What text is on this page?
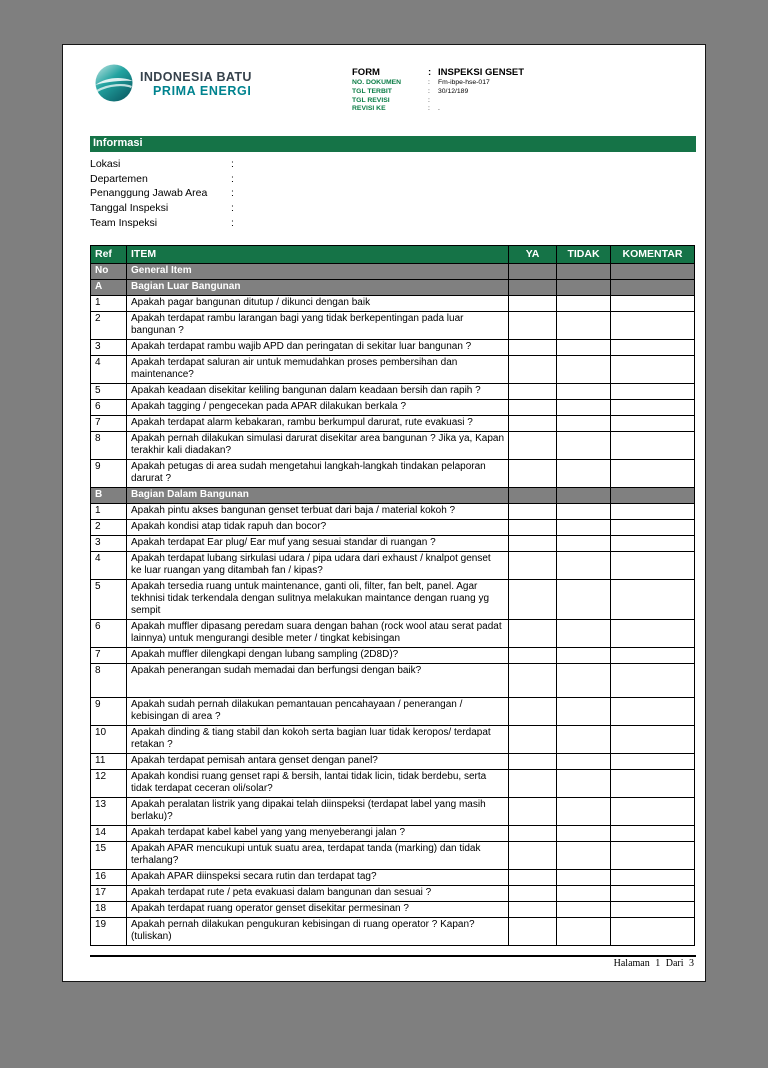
INDONESIA BATU
PRIMA ENERGI
FORM	: INSPEKSI GENSET
NO. DOKUMEN	:	Fm-ibpe-hse-017
TGL TERBIT	:	30/12/189
TGL REVISI	:
REVISI KE	:	.
Informasi
Lokasi	:
Departemen	:
Penanggung Jawab Area	:
Tanggal Inspeksi	:
Team Inspeksi	:
Ref	ITEM	YA	TIDAK	KOMENTAR
No	General Item			
A	Bagian Luar Bangunan			
1	Apakah pagar bangunan ditutup / dikunci dengan baik			
2	Apakah terdapat rambu larangan bagi yang tidak berkepentingan pada luar bangunan ?			
3	Apakah terdapat rambu wajib APD dan peringatan di sekitar luar bangunan ?			
4	Apakah terdapat saluran air untuk memudahkan proses pembersihan dan maintenance?			
5	Apakah keadaan disekitar keliling bangunan dalam keadaan bersih dan rapih ?			
6	Apakah tagging / pengecekan pada APAR dilakukan berkala ?			
7	Apakah terdapat alarm kebakaran, rambu berkumpul darurat, rute evakuasi ?			
8	Apakah pernah dilakukan simulasi darurat disekitar area bangunan ? Jika ya, Kapan terakhir kali diadakan?			
9	Apakah petugas di area sudah mengetahui langkah-langkah tindakan pelaporan darurat ?			
B	Bagian Dalam Bangunan			
1	Apakah pintu akses bangunan genset terbuat dari baja / material kokoh ?			
2	Apakah kondisi atap tidak rapuh dan bocor?			
3	Apakah terdapat Ear plug/ Ear muf yang sesuai standar di ruangan ?			
4	Apakah terdapat lubang sirkulasi udara / pipa udara dari exhaust / knalpot genset ke luar ruangan yang ditambah fan / kipas?			
5	Apakah tersedia ruang untuk maintenance, ganti oli, filter, fan belt, panel. Agar tekhnisi tidak terkendala dengan sulitnya melakukan maintance dengan ruang yg sempit			
6	Apakah muffler dipasang peredam suara dengan bahan (rock wool atau serat padat lainnya) untuk mengurangi desible meter / tingkat kebisingan			
7	Apakah muffler dilengkapi dengan lubang sampling (2D8D)?			
8	Apakah penerangan sudah memadai dan berfungsi dengan baik?			
9	Apakah sudah pernah dilakukan pemantauan pencahayaan / penerangan / kebisingan di area ?			
10	Apakah dinding & tiang stabil dan kokoh serta bagian luar tidak keropos/ terdapat retakan ?			
11	Apakah terdapat pemisah antara genset dengan panel?			
12	Apakah kondisi ruang genset rapi & bersih, lantai tidak licin, tidak berdebu, serta tidak terdapat ceceran oli/solar?			
13	Apakah peralatan listrik yang dipakai telah diinspeksi (terdapat label yang masih berlaku)?			
14	Apakah terdapat kabel kabel yang yang menyeberangi jalan ?			
15	Apakah APAR mencukupi untuk suatu area, terdapat tanda (marking) dan tidak terhalang?			
16	Apakah APAR diinspeksi secara rutin dan terdapat tag?			
17	Apakah terdapat rute / peta evakuasi dalam bangunan dan sesuai ?			
18	Apakah terdapat ruang operator genset disekitar permesinan ?			
19	Apakah pernah dilakukan pengukuran kebisingan di ruang operator ? Kapan? (tuliskan)			
Halaman 1 Dari 3
